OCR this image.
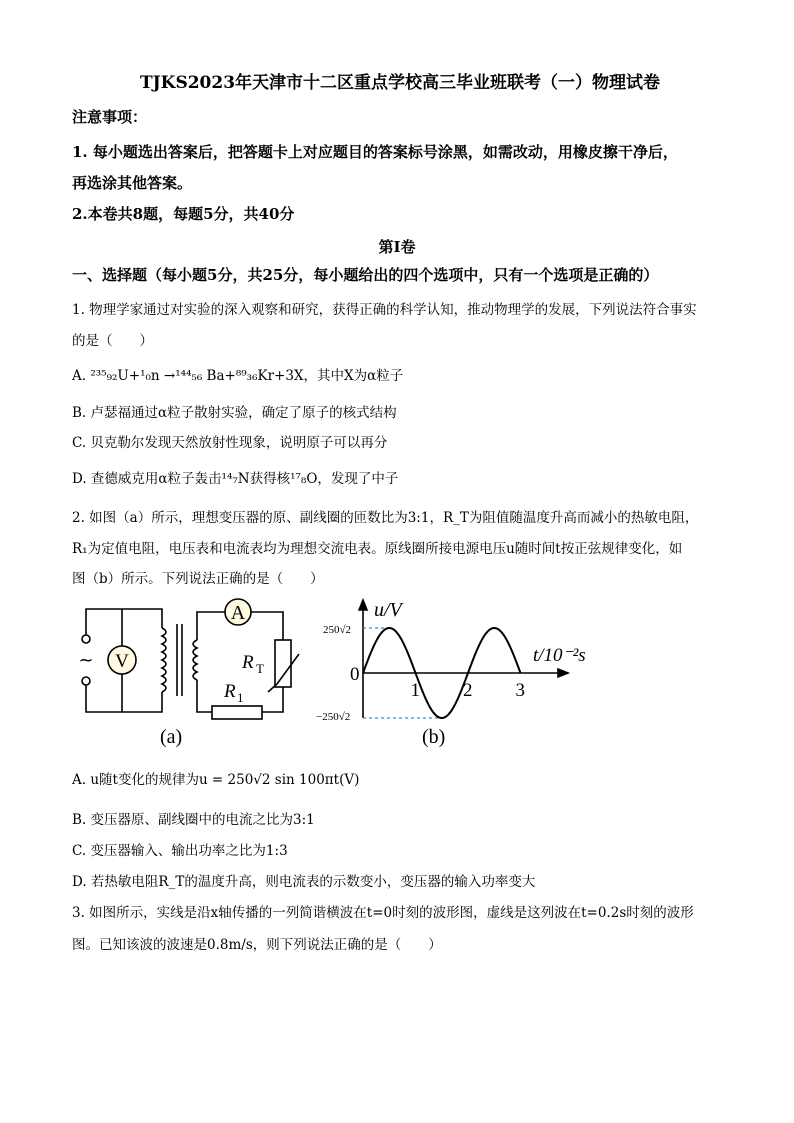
TJKS2023年天津市十二区重点学校高三毕业班联考（一）物理试卷
注意事项：
1. 每小题选出答案后，把答题卡上对应题目的答案标号涂黑，如需改动，用橡皮擦干净后，
再选涂其他答案。
2.本卷共8题，每题5分，共40分
第I卷
一、选择题（每小题5分，共25分，每小题给出的四个选项中，只有一个选项是正确的）
1. 物理学家通过对实验的深入观察和研究，获得正确的科学认知，推动物理学的发展，下列说法符合事实
的是（　　）
A. ²³⁵₉₂U+¹₀n →¹⁴⁴₅₆ Ba+⁸⁹₃₆Kr+3X，其中X为α粒子
B. 卢瑟福通过α粒子散射实验，确定了原子的核式结构
C. 贝克勒尔发现天然放射性现象，说明原子可以再分
D. 查德威克用α粒子轰击¹⁴₇N获得核¹⁷₈O，发现了中子
2. 如图（a）所示，理想变压器的原、副线圈的匝数比为3:1，R_T为阻值随温度升高而减小的热敏电阻，
R₁为定值电阻，电压表和电流表均为理想交流电表。原线圈所接电源电压u随时间t按正弦规律变化，如
图（b）所示。下列说法正确的是（　　）
A
V
~	R T
R 1
(a)
1 2 3
u/V
t/10⁻²s
250√2
−250√2
0
(b)
A. u随t变化的规律为u = 250√2 sin 100πt(V)
B. 变压器原、副线圈中的电流之比为3:1
C. 变压器输入、输出功率之比为1:3
D. 若热敏电阻R_T的温度升高，则电流表的示数变小，变压器的输入功率变大
3. 如图所示，实线是沿x轴传播的一列简谐横波在t=0时刻的波形图，虚线是这列波在t=0.2s时刻的波形
图。已知该波的波速是0.8m/s，则下列说法正确的是（　　）
